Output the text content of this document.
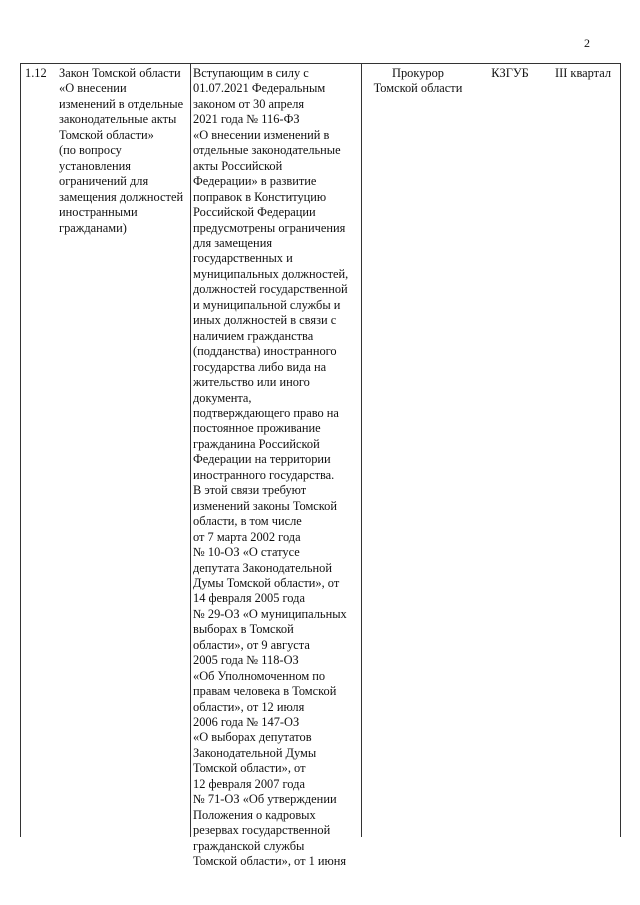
2
1.12 Закон Томской области
«О внесении
изменений в отдельные
законодательные акты
Томской области»
(по вопросу
установления
ограничений для
замещения должностей
иностранными
гражданами)
Вступающим в силу с
01.07.2021 Федеральным
законом от 30 апреля
2021 года № 116-ФЗ
«О внесении изменений в
отдельные законодательные
акты Российской
Федерации» в развитие
поправок в Конституцию
Российской Федерации
предусмотрены ограничения
для замещения
государственных и
муниципальных должностей,
должностей государственной
и муниципальной службы и
иных должностей в связи с
наличием гражданства
(подданства) иностранного
государства либо вида на
жительство или иного
документа,
подтверждающего право на
постоянное проживание
гражданина Российской
Федерации на территории
иностранного государства.
В этой связи требуют
изменений законы Томской
области, в том числе
от 7 марта 2002 года
№ 10-ОЗ «О статусе
депутата Законодательной
Думы Томской области», от
14 февраля 2005 года
№ 29-ОЗ «О муниципальных
выборах в Томской
области», от 9 августа
2005 года № 118-ОЗ
«Об Уполномоченном по
правам человека в Томской
области», от 12 июля
2006 года № 147-ОЗ
«О выборах депутатов
Законодательной Думы
Томской области», от
12 февраля 2007 года
№ 71-ОЗ «Об утверждении
Положения о кадровых
резервах государственной
гражданской службы
Томской области», от 1 июня
Прокурор
Томской области
КЗГУБ	III квартал
